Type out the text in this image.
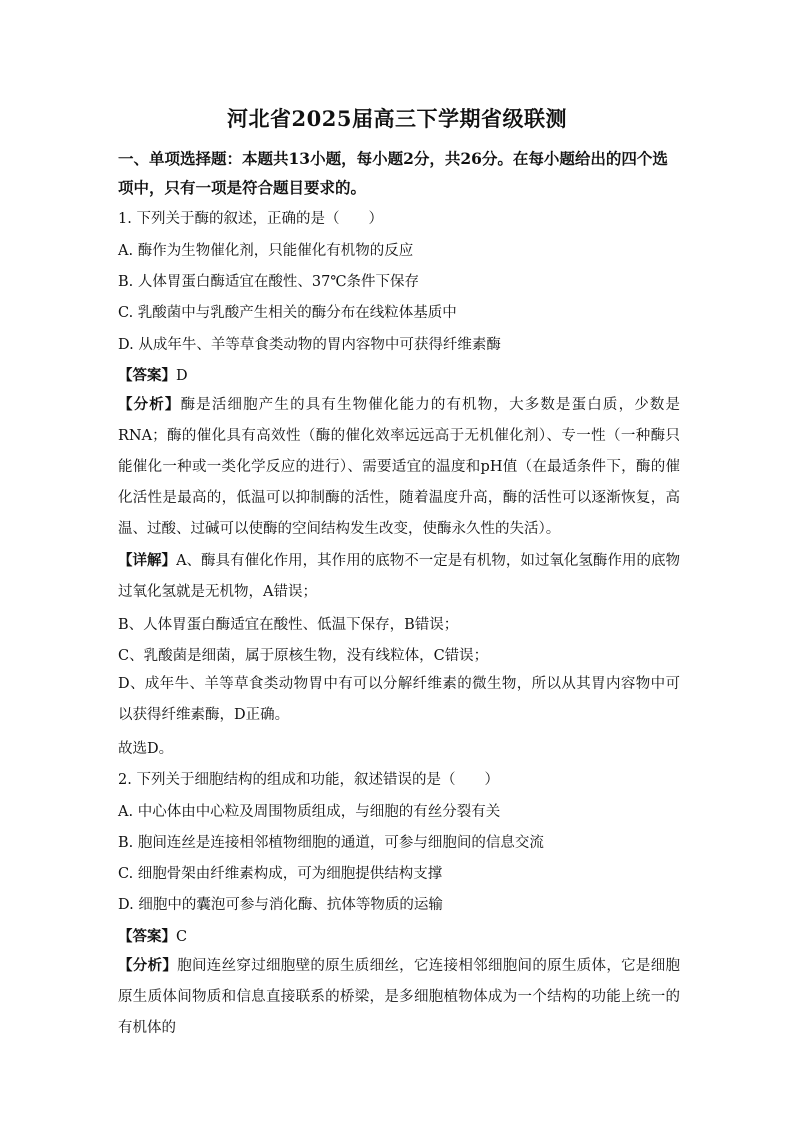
河北省2025届高三下学期省级联测
一、单项选择题：本题共13小题，每小题2分，共26分。在每小题给出的四个选项中，只有一项是符合题目要求的。
1. 下列关于酶的叙述，正确的是（　　）
A. 酶作为生物催化剂，只能催化有机物的反应
B. 人体胃蛋白酶适宜在酸性、37℃条件下保存
C. 乳酸菌中与乳酸产生相关的酶分布在线粒体基质中
D. 从成年牛、羊等草食类动物的胃内容物中可获得纤维素酶
【答案】D
【分析】酶是活细胞产生的具有生物催化能力的有机物，大多数是蛋白质，少数是RNA；酶的催化具有高效性（酶的催化效率远远高于无机催化剂）、专一性（一种酶只能催化一种或一类化学反应的进行）、需要适宜的温度和pH值（在最适条件下，酶的催化活性是最高的，低温可以抑制酶的活性，随着温度升高，酶的活性可以逐渐恢复，高温、过酸、过碱可以使酶的空间结构发生改变，使酶永久性的失活）。
【详解】A、酶具有催化作用，其作用的底物不一定是有机物，如过氧化氢酶作用的底物过氧化氢就是无机物，A错误；
B、人体胃蛋白酶适宜在酸性、低温下保存，B错误；
C、乳酸菌是细菌，属于原核生物，没有线粒体，C错误；
D、成年牛、羊等草食类动物胃中有可以分解纤维素的微生物，所以从其胃内容物中可以获得纤维素酶，D正确。
故选D。
2. 下列关于细胞结构的组成和功能，叙述错误的是（　　）
A. 中心体由中心粒及周围物质组成，与细胞的有丝分裂有关
B. 胞间连丝是连接相邻植物细胞的通道，可参与细胞间的信息交流
C. 细胞骨架由纤维素构成，可为细胞提供结构支撑
D. 细胞中的囊泡可参与消化酶、抗体等物质的运输
【答案】C
【分析】胞间连丝穿过细胞壁的原生质细丝，它连接相邻细胞间的原生质体，它是细胞原生质体间物质和信息直接联系的桥梁，是多细胞植物体成为一个结构的功能上统一的有机体的
